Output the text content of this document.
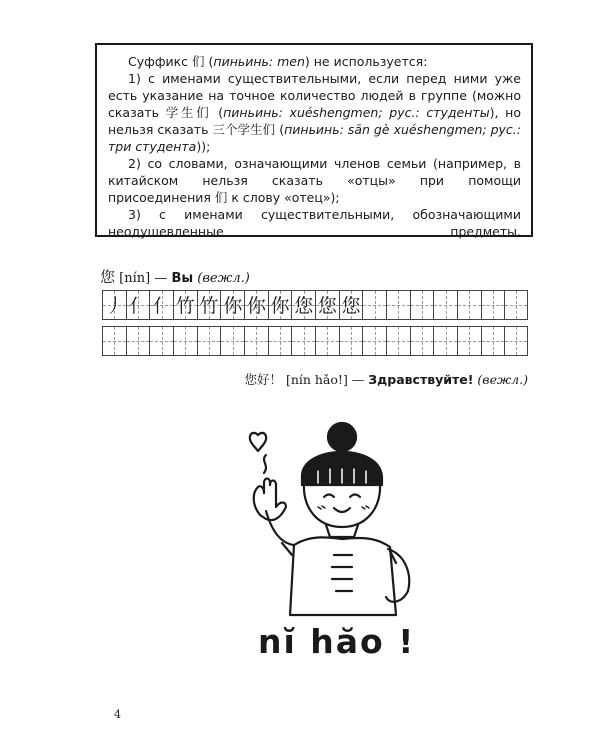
Суффикс 们 (пиньинь: men) не используется:

1) с именами существительными, если перед ними уже есть указание на точное количество людей в группе (можно сказать 学生们 (пиньинь: xuéshengmen; рус.: студенты), но нельзя сказать 三个学生们 (пиньинь: sān gè xuéshengmen; рус.: три студента));

2) со словами, означающими членов семьи (например, в китайском нельзя сказать «отцы» при помощи присоединения 们 к слову «отец»);

3) с именами существительными, обозначающими неодушевленные предметы.

您 [nín] — Вы (вежл.)
丿 亻 亻 竹 竹 你 你 你 您 您 您
您好！ [nín hǎo!] — Здравствуйте! (вежл.)
nĭ hăo !
4
